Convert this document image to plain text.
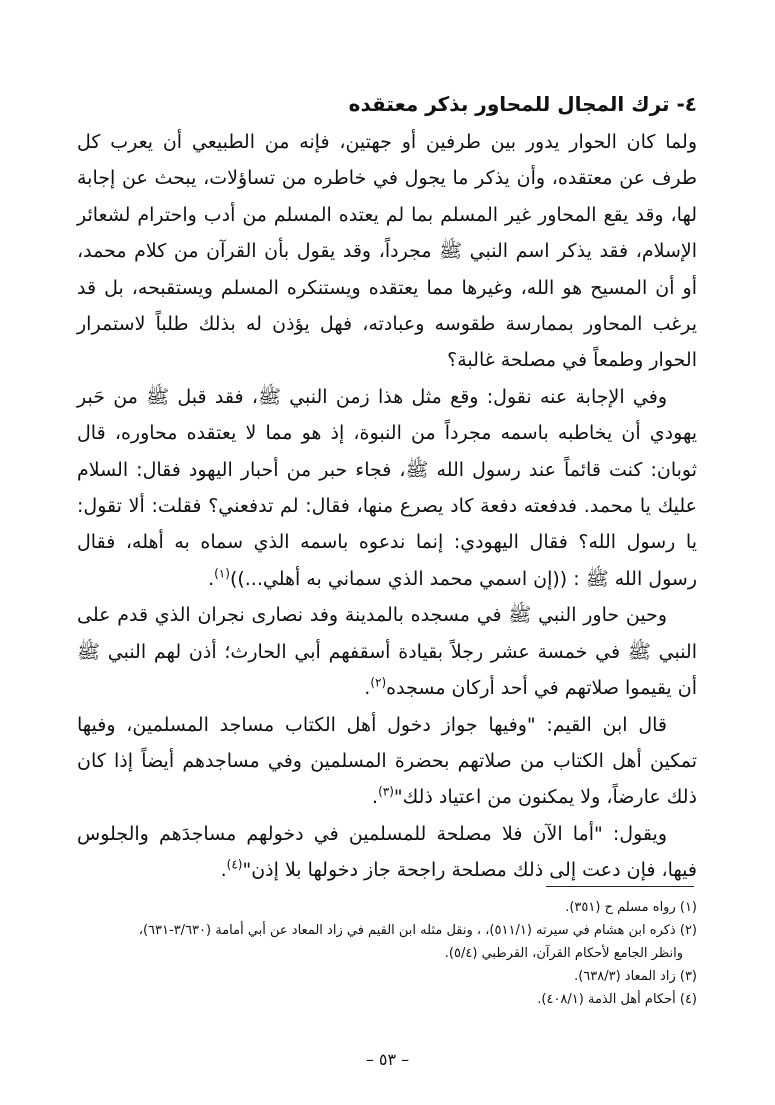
٤- ترك المجال للمحاور بذكر معتقده

ولما كان الحوار يدور بين طرفين أو جهتين، فإنه من الطبيعي أن يعرب كل طرف عن معتقده، وأن يذكر ما يجول في خاطره من تساؤلات، يبحث عن إجابة لها، وقد يقع المحاور غير المسلم بما لم يعتده المسلم من أدب واحترام لشعائر الإسلام، فقد يذكر اسم النبي ﷺ مجرداً، وقد يقول بأن القرآن من كلام محمد، أو أن المسيح هو الله، وغيرها مما يعتقده ويستنكره المسلم ويستقبحه، بل قد يرغب المحاور بممارسة طقوسه وعبادته، فهل يؤذن له بذلك طلباً لاستمرار الحوار وطمعاً في مصلحة غالبة؟

وفي الإجابة عنه نقول: وقع مثل هذا زمن النبي ﷺ، فقد قبل ﷺ من حَبر يهودي أن يخاطبه باسمه مجرداً من النبوة، إذ هو مما لا يعتقده محاوره، قال ثوبان: كنت قائماً عند رسول الله ﷺ، فجاء حبر من أحبار اليهود فقال: السلام عليك يا محمد. فدفعته دفعة كاد يصرع منها، فقال: لم تدفعني؟ فقلت: ألا تقول: يا رسول الله؟ فقال اليهودي: إنما ندعوه باسمه الذي سماه به أهله، فقال رسول الله ﷺ : ((إن اسمي محمد الذي سماني به أهلي...))$^{(١)}$.

وحين حاور النبي ﷺ في مسجده بالمدينة وفد نصارى نجران الذي قدم على النبي ﷺ في خمسة عشر رجلاً بقيادة أسقفهم أبي الحارث؛ أذن لهم النبي ﷺ أن يقيموا صلاتهم في أحد أركان مسجده$^{(٢)}$.

قال ابن القيم: "وفيها جواز دخول أهل الكتاب مساجد المسلمين، وفيها تمكين أهل الكتاب من صلاتهم بحضرة المسلمين وفي مساجدهم أيضاً إذا كان ذلك عارضاً، ولا يمكنون من اعتياد ذلك"$^{(٣)}$.

ويقول: "أما الآن فلا مصلحة للمسلمين في دخولهم مساجدَهم والجلوس فيها، فإن دعت إلى ذلك مصلحة راجحة جاز دخولها بلا إذن"$^{(٤)}$.

(١) رواه مسلم ح (٣٥١).
(٢) ذكره ابن هشام في سيرته (٥١١/١)، ، ونقل مثله ابن القيم في زاد المعاد عن أبي أمامة (٣/٦٣٠-٦٣١)،
وانظر الجامع لأحكام القرآن، القرطبي (٥/٤).
(٣) زاد المعاد (٦٣٨/٣).
(٤) أحكام أهل الذمة (٤٠٨/١).
– ٥٣ –
